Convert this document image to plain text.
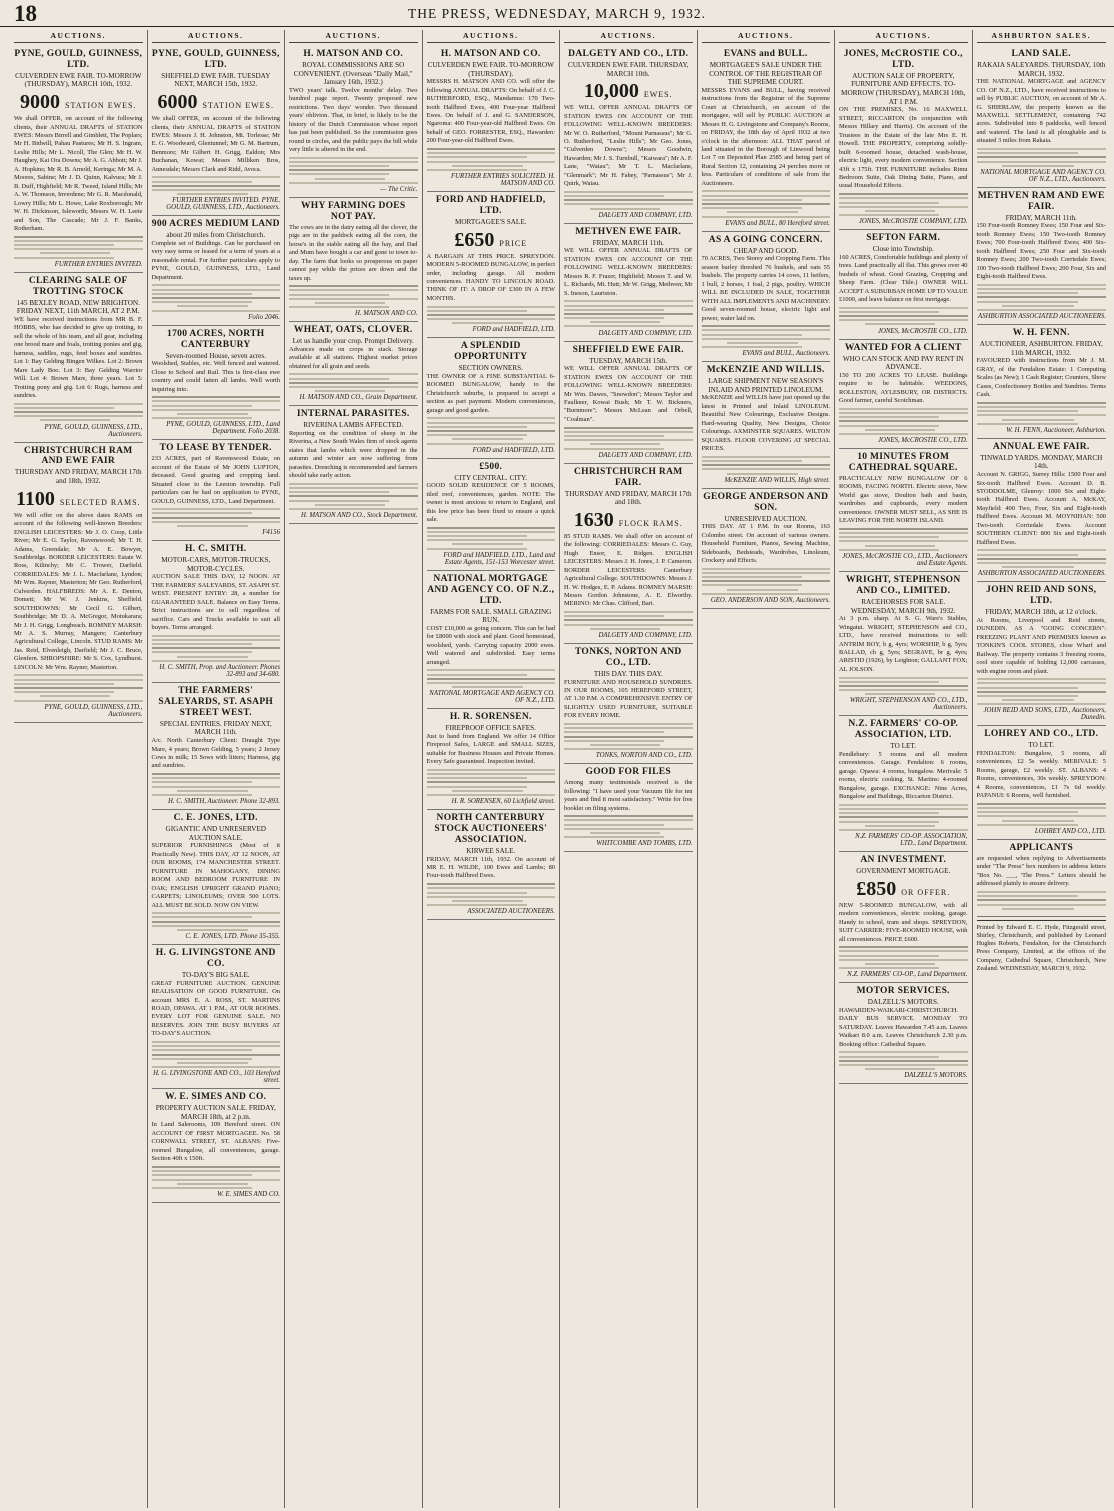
18	THE PRESS, WEDNESDAY, MARCH 9, 1932.
AUCTIONS.
PYNE, GOULD, GUINNESS, LTD.
CULVERDEN EWE FAIR. TO-MORROW (THURSDAY), MARCH 10th, 1932.
9000 STATION EWES.
We shall OFFER, on account of the following clients, their ANNUAL DRAFTS of STATION EWES: Messrs Birrell and Gimblett, The Poplars; Mr H. Bidwill, Pahau Pastures; Mr H. S. Ingram, Leslie Hills; Mr L. Nicoll, The Glen; Mr H. W. Haughey, Kai Ora Downs; Mr A. G. Abbott; Mr J. A. Hopkins; Mr R. B. Arnold, Keringa; Mr M. A. Moores, Sabine; Mr J. D. Quinn, Kalvura; Mr J. B. Duff, Highfield; Mr R. Tweed, Island Hills; Mr A. W. Thomson, Inverdene; Mr G. R. Macdonald, Lowry Hills; Mr L. Howe, Lake Roxborough; Mr W. H. Dickinson, Isleworth; Messrs W. H. Leete and Son, The Cascade; Mr J. F. Banks, Rotherham.
FURTHER ENTRIES INVITED.
CLEARING SALE OF TROTTING STOCK
145 BEXLEY ROAD, NEW BRIGHTON. FRIDAY NEXT, 11th MARCH, AT 2 P.M.
WE have received instructions from MR B. F. HOBBS, who has decided to give up trotting, to sell the whole of his team, and all gear, including one brood mare and foals, trotting ponies and gig, harness, saddles, rugs, feed boxes and sundries. Lot 1: Bay Gelding Bingen Wilkes. Lot 2: Brown Mare Lady Boo. Lot 3: Bay Gelding Warrior Will. Lot 4: Brown Mare, three years. Lot 5: Trotting pony and gig. Lot 6: Rugs, harness and sundries.
PYNE, GOULD, GUINNESS, LTD., Auctioneers.
CHRISTCHURCH RAM AND EWE FAIR
THURSDAY AND FRIDAY, MARCH 17th and 18th, 1932.
1100 SELECTED RAMS.
We will offer on the above dates RAMS on account of the following well-known Breeders: ENGLISH LEICESTERS: Mr J. O. Coop, Little River; Mr E. G. Taylor, Ravenswood; Mr T. H. Adams, Greendale; Mr A. E. Bowyer, Southbridge. BORDER LEICESTERS: Estate W. Ross, Kilinchy; Mr C. Trower, Darfield. CORRIEDALES: Mr J. L. Macfarlane, Lyndon; Mr Wm. Rayner, Masterton; Mr Geo. Rutherford, Culverden. HALFBREDS: Mr A. E. Denton, Domett; Mr W. J. Jenkins, Sheffield. SOUTHDOWNS: Mr Cecil G. Gilbert, Southbridge; Mr D. A. McGregor, Motukarara; Mr J. H. Grigg, Longbeach. ROMNEY MARSH: Mr A. S. Murray, Mangere; Canterbury Agricultural College, Lincoln. STUD RAMS: Mr Jas. Reid, Elvenleigh, Darfield; Mr J. C. Bruce, Glenfern. SHROPSHIRE: Mr S. Cox, Lyndhurst. LINCOLN: Mr Wm. Rayner, Masterton.
PYNE, GOULD, GUINNESS, LTD., Auctioneers.
AUCTIONS.
PYNE, GOULD, GUINNESS, LTD.
SHEFFIELD EWE FAIR. TUESDAY NEXT, MARCH 15th, 1932.
6000 STATION EWES.
We shall OFFER, on account of the following clients, their ANNUAL DRAFTS of STATION EWES: Messrs J. H. Johnston, Mt. Torlesse; Mr E. G. Woodward, Glentunnel; Mr G. M. Bartrum, Benmore; Mr Gilbert H. Grigg, Ealdon; Mrs Buchanan, Kowai; Messrs Milliken Bros, Annesdale; Messrs Clark and Ridd, Avoca.
FURTHER ENTRIES INVITED. PYNE, GOULD, GUINNESS, LTD., Auctioneers.
900 ACRES MEDIUM LAND
about 20 miles from Christchurch.
Complete set of Buildings. Can be purchased on very easy terms or leased for a term of years at a reasonable rental. For further particulars apply to PYNE, GOULD, GUINNESS, LTD., Land Department.
Folio 2046.
1700 ACRES, NORTH CANTERBURY
Seven-roomed House, seven acres.
Woolshed, Stables, etc. Well fenced and watered. Close to School and Rail. This is first-class ewe country and could fatten all lambs. Well worth inquiring into.
PYNE, GOULD, GUINNESS, LTD., Land Department. Folio 2038.
TO LEASE BY TENDER.
233 ACRES, part of Ravenswood Estate, on account of the Estate of Mr JOHN LUPTON, deceased. Good grazing and cropping land. Situated close to the Leeston township. Full particulars can be had on application to PYNE, GOULD, GUINNESS, LTD., Land Department.
F4156
H. C. SMITH.
MOTOR-CARS, MOTOR-TRUCKS, MOTOR-CYCLES.
AUCTION SALE THIS DAY, 12 NOON. AT THE FARMERS' SALEYARDS, ST. ASAPH ST. WEST. PRESENT ENTRY: 28, a number for GUARANTEED SALE. Balance on Easy Terms. Strict instructions are to sell regardless of sacrifice. Cars and Trucks available to suit all buyers. Terms arranged.
H. C. SMITH, Prop. and Auctioneer. Phones 32-893 and 34-680.
THE FARMERS' SALEYARDS, ST. ASAPH STREET WEST.
SPECIAL ENTRIES. FRIDAY NEXT, MARCH 11th.
A/c. North Canterbury Client: Draught Type Mare, 4 years; Brown Gelding, 5 years; 2 Jersey Cows in milk; 15 Sows with litters; Harness, gig and sundries.
H. C. SMITH, Auctioneer. Phone 32-893.
C. E. JONES, LTD.
GIGANTIC AND UNRESERVED AUCTION SALE.
SUPERIOR FURNISHINGS (Most of it Practically New). THIS DAY, AT 12 NOON, AT OUR ROOMS, 174 MANCHESTER STREET. FURNITURE IN MAHOGANY, DINING ROOM AND BEDROOM FURNITURE IN OAK; ENGLISH UPRIGHT GRAND PIANO; CARPETS; LINOLEUMS; OVER 500 LOTS. ALL MUST BE SOLD. NOW ON VIEW.
C. E. JONES, LTD. Phone 35-355.
H. G. LIVINGSTONE AND CO.
TO-DAY'S BIG SALE.
GREAT FURNITURE AUCTION. GENUINE REALISATION OF GOOD FURNITURE. On account MRS E. A. ROSS, ST. MARTINS ROAD, OPAWA. AT 1 P.M., AT OUR ROOMS. EVERY LOT FOR GENUINE SALE. NO RESERVES. JOIN THE BUSY BUYERS AT TO-DAY'S AUCTION.
H. G. LIVINGSTONE AND CO., 103 Hereford street.
W. E. SIMES AND CO.
PROPERTY AUCTION SALE. FRIDAY, MARCH 18th, at 2 p.m.
In Land Salerooms, 109 Hereford street. ON ACCOUNT OF FIRST MORTGAGEE. No. 58 CORNWALL STREET, ST. ALBANS: Five-roomed Bungalow, all conveniences, garage. Section 40ft x 150ft.
W. E. SIMES AND CO.
AUCTIONS.
H. MATSON AND CO.
ROYAL COMMISSIONS ARE SO CONVENIENT. (Overseas "Daily Mail," January 16th, 1932.)
TWO years' talk. Twelve months' delay. Two hundred page report. Twenty proposed new restrictions. Two days' wonder. Two thousand years' oblivion. That, in brief, is likely to be the history of the Dutch Commission whose report has just been published. So the commission goes round in circles, and the public pays the bill while very little is altered in the end.
— The Critic.
WHY FARMING DOES NOT PAY.
The cows are in the dairy eating all the clover, the pigs are in the paddock eating all the corn, the horse's in the stable eating all the hay, and Dad and Mum have bought a car and gone to town to-day. The farm that looks so prosperous on paper cannot pay while the prices are down and the taxes up.
H. MATSON AND CO.
WHEAT, OATS, CLOVER.
Let us handle your crop. Prompt Delivery.
Advances made on crops in stack. Storage available at all stations. Highest market prices obtained for all grain and seeds.
H. MATSON AND CO., Grain Department.
INTERNAL PARASITES.
RIVERINA LAMBS AFFECTED.
Reporting on the condition of sheep in the Riverina, a New South Wales firm of stock agents states that lambs which were dropped in the autumn and winter are now suffering from parasites. Drenching is recommended and farmers should take early action.
H. MATSON AND CO., Stock Department.
AUCTIONS.
H. MATSON AND CO.
CULVERDEN EWE FAIR. TO-MORROW (THURSDAY).
MESSRS H. MATSON AND CO. will offer the following ANNUAL DRAFTS: On behalf of J. C. RUTHERFORD, ESQ., Mandamus: 170 Two-tooth Halfbred Ewes, 400 Four-year Halfbred Ewes. On behalf of J. and G. SANDERSON, Ngaroma: 400 Four-year-old Halfbred Ewes. On behalf of GEO. FORRESTER, ESQ., Hawarden: 200 Four-year-old Halfbred Ewes.
FURTHER ENTRIES SOLICITED. H. MATSON AND CO.
FORD AND HADFIELD, LTD.
MORTGAGEE'S SALE.
£650 PRICE
A BARGAIN AT THIS PRICE. SPREYDON. MODERN 5-ROOMED BUNGALOW, in perfect order, including garage. All modern conveniences. HANDY TO LINCOLN ROAD. THINK OF IT: A DROP OF £300 IN A FEW MONTHS.
FORD and HADFIELD, LTD.
A SPLENDID OPPORTUNITY
SECTION OWNERS.
THE OWNER OF A FINE SUBSTANTIAL 6-ROOMED BUNGALOW, handy to the Christchurch suburbs, is prepared to accept a section as part payment. Modern conveniences, garage and good garden.
FORD and HADFIELD, LTD.
£500.
CITY CENTRAL. CITY.
GOOD SOLID RESIDENCE OF 5 ROOMS, tiled roof, conveniences, garden. NOTE: The owner is most anxious to return to England, and this low price has been fixed to ensure a quick sale.
FORD and HADFIELD, LTD., Land and Estate Agents, 151-153 Worcester street.
NATIONAL MORTGAGE AND AGENCY CO. OF N.Z., LTD.
FARMS FOR SALE. SMALL GRAZING RUN.
COST £10,000 as going concern. This can be had for £8000 with stock and plant. Good homestead, woolshed, yards. Carrying capacity 2000 ewes. Well watered and subdivided. Easy terms arranged.
NATIONAL MORTGAGE AND AGENCY CO. OF N.Z., LTD.
H. R. SORENSEN.
FIREPROOF OFFICE SAFES.
Just to hand from England. We offer 14 Office Fireproof Safes, LARGE and SMALL SIZES, suitable for Business Houses and Private Homes. Every Safe guaranteed. Inspection invited.
H. R. SORENSEN, 60 Lichfield street.
NORTH CANTERBURY STOCK AUCTIONEERS' ASSOCIATION.
KIRWEE SALE.
FRIDAY, MARCH 11th, 1932. On account of MR E. H. WILDE, 100 Ewes and Lambs; 80 Four-tooth Halfbred Ewes.
ASSOCIATED AUCTIONEERS.
AUCTIONS.
DALGETY AND CO., LTD.
CULVERDEN EWE FAIR. THURSDAY, MARCH 10th.
10,000 EWES.
WE WILL OFFER ANNUAL DRAFTS OF STATION EWES ON ACCOUNT OF THE FOLLOWING WELL-KNOWN BREEDERS: Mr W. O. Rutherford, "Mount Parnassus"; Mr G. O. Rutherford, "Leslie Hills"; Mr Geo. Jones, "Culverden Downs"; Messrs Goodwin, Hawarden; Mr J. S. Turnbull, "Kaiwara"; Mr A. F. Lane, "Waiau"; Mr T. L. Macfarlane, "Glenmark"; Mr H. Fahey, "Parnassus"; Mr J. Quirk, Waiau.
DALGETY AND COMPANY, LTD.
METHVEN EWE FAIR.
FRIDAY, MARCH 11th.
WE WILL OFFER ANNUAL DRAFTS OF STATION EWES ON ACCOUNT OF THE FOLLOWING WELL-KNOWN BREEDERS: Messrs R. F. Frazer, Highfield; Messrs T. and W. L. Richards, Mt. Hutt; Mr W. Grigg, Methven; Mr S. Ineson, Lauriston.
DALGETY AND COMPANY, LTD.
SHEFFIELD EWE FAIR.
TUESDAY, MARCH 15th.
WE WILL OFFER ANNUAL DRAFTS OF STATION EWES ON ACCOUNT OF THE FOLLOWING WELL-KNOWN BREEDERS: Mr Wm. Dawes, "Snowdon"; Messrs Taylor and Faulkner, Kowai Bush; Mr T. W. Bickners, "Burnmore"; Messrs McLean and Orbell, "Coalman".
DALGETY AND COMPANY, LTD.
CHRISTCHURCH RAM FAIR.
THURSDAY AND FRIDAY, MARCH 17th and 18th.
1630 FLOCK RAMS.
85 STUD RAMS. We shall offer on account of the following: CORRIEDALES: Messrs C. Guy, Hugh Ensor, E. Ridgen. ENGLISH LEICESTERS: Messrs J. H. Jones, J. P. Cameron. BORDER LEICESTERS: Canterbury Agricultural College. SOUTHDOWNS: Messrs J. H. W. Hodges, E. P. Adams. ROMNEY MARSH: Messrs Gordon Johnstone, A. E. Elworthy. MERINO: Mr Chas. Clifford, Bari.
DALGETY AND COMPANY, LTD.
TONKS, NORTON AND CO., LTD.
THIS DAY. THIS DAY.
FURNITURE AND HOUSEHOLD SUNDRIES. IN OUR ROOMS, 105 HEREFORD STREET, AT 1.30 P.M. A COMPREHENSIVE ENTRY OF SLIGHTLY USED FURNITURE, SUITABLE FOR EVERY HOME.
TONKS, NORTON AND CO., LTD.
GOOD FOR FILES
Among many testimonials received is the following: "I have used your Vacuum file for ten years and find it most satisfactory." Write for free booklet on filing systems.
WHITCOMBE AND TOMBS, LTD.
AUCTIONS.
EVANS and BULL.
MORTGAGEE'S SALE UNDER THE CONTROL OF THE REGISTRAR OF THE SUPREME COURT.
MESSRS EVANS and BULL, having received instructions from the Registrar of the Supreme Court at Christchurch, on account of the mortgagee, will sell by PUBLIC AUCTION at Messrs H. G. Livingstone and Company's Rooms, on FRIDAY, the 18th day of April 1932 at two o'clock in the afternoon: ALL THAT parcel of land situated in the Borough of Linwood being Lot 7 on Deposited Plan 2585 and being part of Rural Section 12, containing 24 perches more or less. Particulars of conditions of sale from the Auctioneers.
EVANS and BULL, 80 Hereford street.
AS A GOING CONCERN.
CHEAP AND GOOD.
70 ACRES, Two Storey and Cropping Farm. This season barley threshed 76 bushels, and oats 55 bushels. The property carries 14 cows, 11 heifers, 1 bull, 2 horses, 1 foal, 2 pigs, poultry. WHICH WILL BE INCLUDED IN SALE, TOGETHER WITH ALL IMPLEMENTS AND MACHINERY. Good seven-roomed house, electric light and power, water laid on.
EVANS and BULL, Auctioneers.
McKENZIE AND WILLIS.
LARGE SHIPMENT NEW SEASON'S INLAID AND PRINTED LINOLEUM.
McKENZIE and WILLIS have just opened up the latest in Printed and Inlaid LINOLEUM. Beautiful New Colourings, Exclusive Designs. Hard-wearing Quality, New Designs, Choice Colourings. AXMINSTER SQUARES. WILTON SQUARES. FLOOR COVERING AT SPECIAL PRICES.
McKENZIE AND WILLIS, High street.
GEORGE ANDERSON AND SON.
UNRESERVED AUCTION.
THIS DAY. AT 1 P.M. In our Rooms, 163 Colombo street. On account of various owners. Household Furniture, Pianos, Sewing Machine, Sideboards, Bedsteads, Wardrobes, Linoleum, Crockery and Effects.
GEO. ANDERSON AND SON, Auctioneers.
AUCTIONS.
JONES, McCROSTIE CO., LTD.
AUCTION SALE OF PROPERTY, FURNITURE AND EFFECTS. TO-MORROW (THURSDAY), MARCH 10th, AT 1 P.M.
ON THE PREMISES, No. 16 MAXWELL STREET, RICCARTON (In conjunction with Messrs Hillary and Harris). On account of the Trustees in the Estate of the late Mrs E. H. Howell. THE PROPERTY, comprising solidly-built 6-roomed house, detached wash-house, electric light, every modern convenience. Section 43ft x 175ft. THE FURNITURE includes Rimu Bedroom Suite, Oak Dining Suite, Piano, and usual Household Effects.
JONES, McCROSTIE COMPANY, LTD.
SEFTON FARM.
Close into Township.
160 ACRES, Comfortable buildings and plenty of trees. Land practically all flat. This grows over 40 bushels of wheat. Good Grazing, Cropping and Sheep Farm. (Clear Title.) OWNER WILL ACCEPT A SUBURBAN HOME UP TO VALUE £1000, and leave balance on first mortgage.
JONES, McCROSTIE CO., LTD.
WANTED FOR A CLIENT
WHO CAN STOCK AND PAY RENT IN ADVANCE.
150 TO 200 ACRES TO LEASE. Buildings require to be habitable. WEEDONS, ROLLESTON, AYLESBURY, OR DISTRICTS. Good farmer, careful Scotchman.
JONES, McCROSTIE CO., LTD.
10 MINUTES FROM CATHEDRAL SQUARE.
PRACTICALLY NEW BUNGALOW OF 6 ROOMS, FACING NORTH. Electric stove, New World gas stove, Doulton bath and basin, wardrobes and cupboards, every modern convenience. OWNER MUST SELL, AS SHE IS LEAVING FOR THE NORTH ISLAND.
JONES, McCROSTIE CO., LTD., Auctioneers and Estate Agents.
WRIGHT, STEPHENSON AND CO., LIMITED.
RACEHORSES FOR SALE. WEDNESDAY, MARCH 9th, 1932.
At 3 p.m. sharp. At S. G. Ware's Stables, Wingatui. WRIGHT, STEPHENSON and CO., LTD., have received instructions to sell: ANTRIM BOY, b g, 4yrs; WORSHIP, b g, 5yrs; BALLAD, ch g, 5yrs; SEGRAVE, br g, 4yrs; ARISTID (1926), by Leighton; GALLANT FOX; AL JOLSON.
WRIGHT, STEPHENSON AND CO., LTD., Auctioneers.
N.Z. FARMERS' CO-OP. ASSOCIATION, LTD.
TO LET.
Pendlebury: 5 rooms and all modern conveniences. Garage. Fendalton: 6 rooms, garage. Opawa: 4 rooms, bungalow. Merivale: 5 rooms, electric cooking. St. Martins: 4-roomed Bungalow, garage. EXCHANGE: Nine Acres, Bungalow and Buildings, Riccarton District.
N.Z. FARMERS' CO-OP. ASSOCIATION, LTD., Land Department.
AN INVESTMENT.
GOVERNMENT MORTGAGE.
£850 OR OFFER.
NEW 5-ROOMED BUNGALOW, with all modern conveniences, electric cooking, garage. Handy to school, tram and shops. SPREYDON, SUIT CARRIER: FIVE-ROOMED HOUSE, with all conveniences. PRICE £600.
N.Z. FARMERS' CO-OP., Land Department.
MOTOR SERVICES.
DALZELL'S MOTORS.
HAWARDEN-WAIKARI-CHRISTCHURCH. DAILY BUS SERVICE. MONDAY TO SATURDAY. Leaves Hawarden 7.45 a.m. Leaves Waikari 8.0 a.m. Leaves Christchurch 2.30 p.m. Booking office: Cathedral Square.
DALZELL'S MOTORS.
ASHBURTON SALES.
LAND SALE.
RAKAIA SALEYARDS. THURSDAY, 10th MARCH, 1932.
THE NATIONAL MORTGAGE and AGENCY CO. OF N.Z., LTD., have received instructions to sell by PUBLIC AUCTION, on account of Mr A. G. SHIERLAW, the property known as the MAXWELL SETTLEMENT, containing 742 acres. Subdivided into 8 paddocks, well fenced and watered. The land is all ploughable and is situated 3 miles from Rakaia.
NATIONAL MORTGAGE AND AGENCY CO. OF N.Z., LTD., Auctioneers.
METHVEN RAM AND EWE FAIR.
FRIDAY, MARCH 11th.
150 Four-tooth Romney Ewes; 150 Four and Six-tooth Romney Ewes; 150 Two-tooth Romney Ewes; 700 Four-tooth Halfbred Ewes; 400 Six-tooth Halfbred Ewes; 250 Four and Six-tooth Romney Ewes; 200 Two-tooth Corriedale Ewes; 100 Two-tooth Halfbred Ewes; 200 Four, Six and Eight-tooth Halfbred Ewes.
ASHBURTON ASSOCIATED AUCTIONEERS.
W. H. FENN.
AUCTIONEER, ASHBURTON. FRIDAY, 11th MARCH, 1932.
FAVOURED with instructions from Mr J. M. GRAY, of the Fendalton Estate: 1 Computing Scales (as New); 1 Cash Register; Counters, Show Cases, Confectionery Bottles and Sundries. Terms Cash.
W. H. FENN, Auctioneer, Ashburton.
ANNUAL EWE FAIR.
TINWALD YARDS. MONDAY, MARCH 14th.
Account N. GRIGG, Surrey Hills: 1500 Four and Six-tooth Halfbred Ewes. Account D. B. STODDOLME, Glenroy: 1000 Six and Eight-tooth Halfbred Ewes. Account A. McKAY, Mayfield: 400 Two, Four, Six and Eight-tooth Halfbred Ewes. Account M. MOYNIHAN: 500 Two-tooth Corriedale Ewes. Account SOUTHERN CLIENT: 800 Six and Eight-tooth Halfbred Ewes.
ASHBURTON ASSOCIATED AUCTIONEERS.
JOHN REID AND SONS, LTD.
FRIDAY, MARCH 18th, at 12 o'clock.
At Rooms, Liverpool and Reid streets, DUNEDIN. AS A "GOING CONCERN": FREEZING PLANT AND PREMISES known as TONKIN'S COOL STORES, close Wharf and Railway. The property contains 3 freezing rooms, cool store capable of holding 12,000 carcasses, with engine room and plant.
JOHN REID AND SONS, LTD., Auctioneers, Dunedin.
LOHREY AND CO., LTD.
TO LET.
FENDALTON: Bungalow, 5 rooms, all conveniences, £2 5s weekly. MERIVALE: 5 Rooms, garage, £2 weekly. ST. ALBANS: 4 Rooms, conveniences, 30s weekly. SPREYDON: 4 Rooms, conveniences, £1 7s 6d weekly. PAPANUI: 6 Rooms, well furnished.
LOHREY AND CO., LTD.
APPLICANTS
are requested when replying to Advertisements under "The Press" box numbers to address letters "Box No. ___, 'The Press.'" Letters should be addressed plainly to ensure delivery.
Printed by Edward E. C. Hyde, Fitzgerald street, Shirley, Christchurch, and published by Leonard Hughes Roberts, Fendalton, for the Christchurch Press Company, Limited, at the offices of the Company, Cathedral Square, Christchurch, New Zealand. WEDNESDAY, MARCH 9, 1932.
